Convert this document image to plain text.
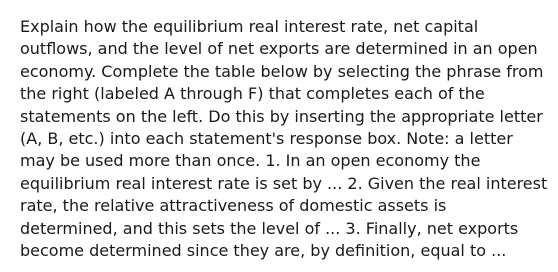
Explain how the equilibrium real interest rate, net capital outflows, and the level of net exports are determined in an open economy. Complete the table below by selecting the phrase from the right (labeled A through F) that completes each of the statements on the left. Do this by inserting the appropriate letter (A, B, etc.) into each statement's response box. Note: a letter may be used more than once. 1. In an open economy the equilibrium real interest rate is set by ... 2. Given the real interest rate, the relative attractiveness of domestic assets is determined, and this sets the level of ... 3. Finally, net exports become determined since they are, by definition, equal to ...
